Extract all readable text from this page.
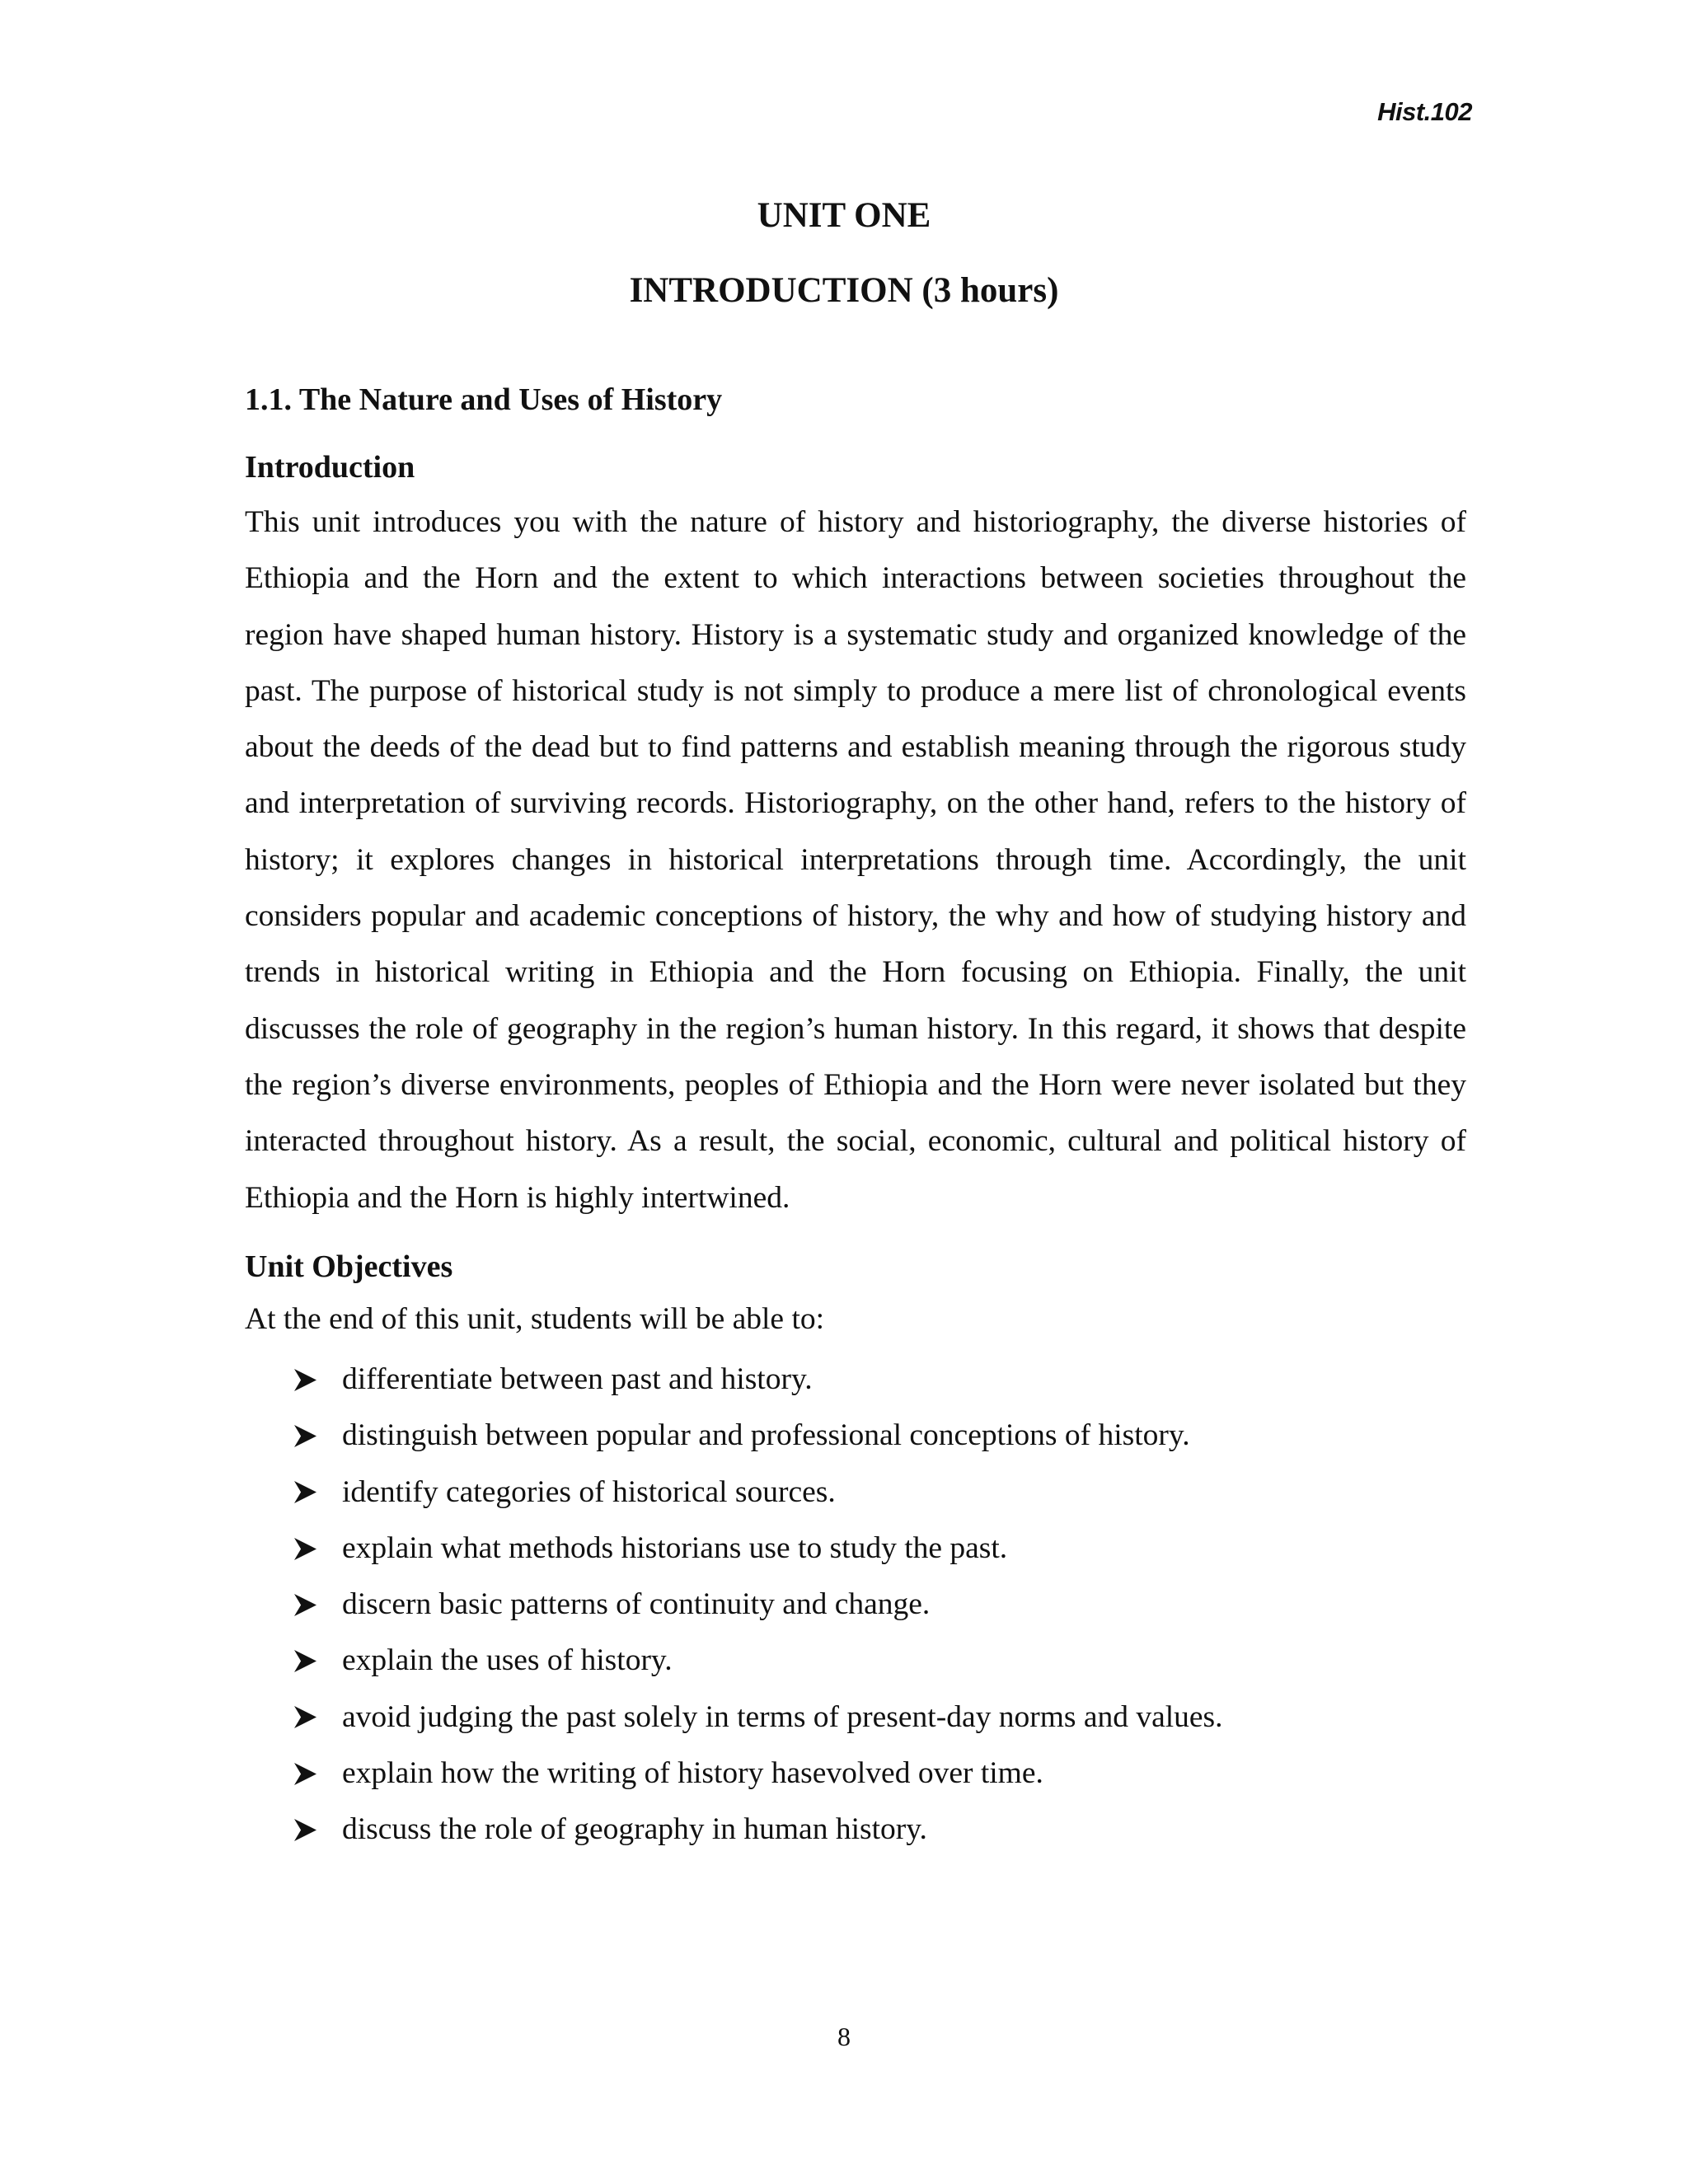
Hist.102
UNIT ONE
INTRODUCTION (3 hours)
1.1. The Nature and Uses of History
Introduction

This unit introduces you with the nature of history and historiography, the diverse histories of Ethiopia and the Horn and the extent to which interactions between societies throughout the region have shaped human history. History is a systematic study and organized knowledge of the past. The purpose of historical study is not simply to produce a mere list of chronological events about the deeds of the dead but to find patterns and establish meaning through the rigorous study and interpretation of surviving records. Historiography, on the other hand, refers to the history of history; it explores changes in historical interpretations through time. Accordingly, the unit considers popular and academic conceptions of history, the why and how of studying history and trends in historical writing in Ethiopia and the Horn focusing on Ethiopia. Finally, the unit discusses the role of geography in the region’s human history. In this regard, it shows that despite the region’s diverse environments, peoples of Ethiopia and the Horn were never isolated but they interacted throughout history. As a result, the social, economic, cultural and political history of Ethiopia and the Horn is highly intertwined.

Unit Objectives
At the end of this unit, students will be able to:
differentiate between past and history.
distinguish between popular and professional conceptions of history.
identify categories of historical sources.
explain what methods historians use to study the past.
discern basic patterns of continuity and change.
explain the uses of history.
avoid judging the past solely in terms of present-day norms and values.
explain how the writing of history hasevolved over time.
discuss the role of geography in human history.
8
